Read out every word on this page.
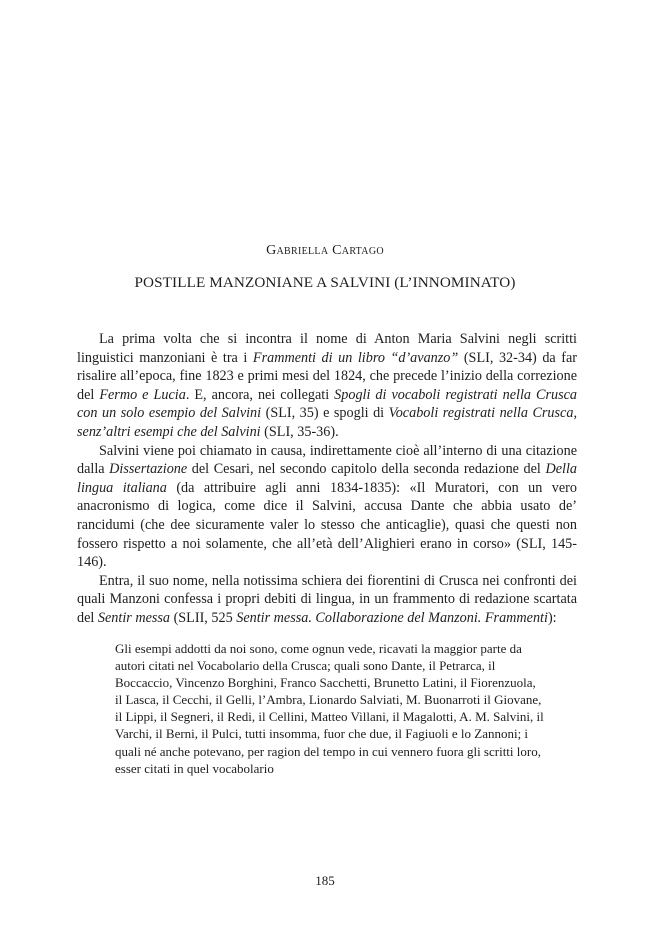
Gabriella Cartago
POSTILLE MANZONIANE A SALVINI (L’INNOMINATO)

La prima volta che si incontra il nome di Anton Maria Salvini negli scritti linguistici manzoniani è tra i Frammenti di un libro “d’avanzo” (SLI, 32-34) da far risalire all’epoca, fine 1823 e primi mesi del 1824, che precede l’inizio della correzione del Fermo e Lucia. E, ancora, nei collegati Spogli di vocaboli registrati nella Crusca con un solo esempio del Salvini (SLI, 35) e spogli di Vocaboli registrati nella Crusca, senz’altri esempi che del Salvini (SLI, 35-36).

Salvini viene poi chiamato in causa, indirettamente cioè all’interno di una citazione dalla Dissertazione del Cesari, nel secondo capitolo della seconda redazione del Della lingua italiana (da attribuire agli anni 1834-1835): «Il Muratori, con un vero anacronismo di logica, come dice il Salvini, accusa Dante che abbia usato de’ rancidumi (che dee sicuramente valer lo stesso che anticaglie), quasi che questi non fossero rispetto a noi solamente, che all’età dell’Alighieri erano in corso» (SLI, 145-146).

Entra, il suo nome, nella notissima schiera dei fiorentini di Crusca nei confronti dei quali Manzoni confessa i propri debiti di lingua, in un frammento di redazione scartata del Sentir messa (SLII, 525 Sentir messa. Collaborazione del Manzoni. Frammenti):

Gli esempi addotti da noi sono, come ognun vede, ricavati la maggior parte da autori citati nel Vocabolario della Crusca; quali sono Dante, il Petrarca, il Boccaccio, Vincenzo Borghini, Franco Sacchetti, Brunetto Latini, il Fiorenzuola, il Lasca, il Cecchi, il Gelli, l’Ambra, Lionardo Salviati, M. Buonarroti il Giovane, il Lippi, il Segneri, il Redi, il Cellini, Matteo Villani, il Magalotti, A. M. Salvini, il Varchi, il Berni, il Pulci, tutti insomma, fuor che due, il Fagiuoli e lo Zannoni; i quali né anche potevano, per ragion del tempo in cui vennero fuora gli scritti loro, esser citati in quel vocabolario

185
